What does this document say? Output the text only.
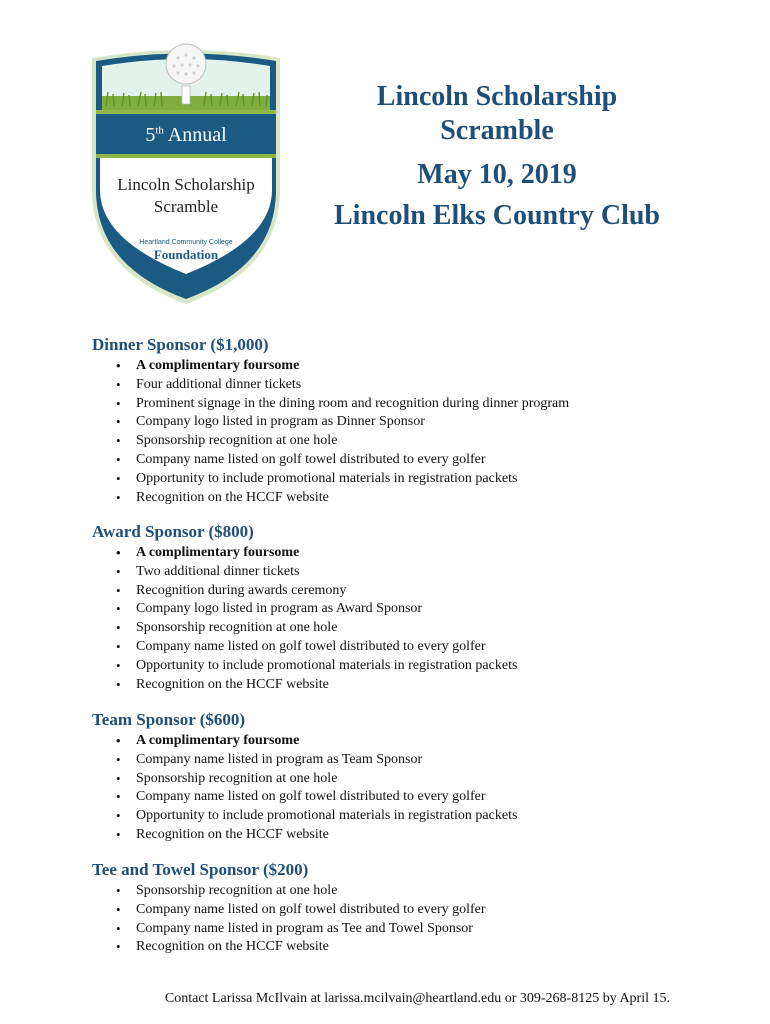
5th Annual
Lincoln Scholarship
Scramble
Heartland Community College
Foundation
Lincoln Scholarship
Scramble
May 10, 2019
Lincoln Elks Country Club
Dinner Sponsor ($1,000)
• A complimentary foursome
• Four additional dinner tickets
• Prominent signage in the dining room and recognition during dinner program
• Company logo listed in program as Dinner Sponsor
• Sponsorship recognition at one hole
• Company name listed on golf towel distributed to every golfer
• Opportunity to include promotional materials in registration packets
• Recognition on the HCCF website
Award Sponsor ($800)
• A complimentary foursome
• Two additional dinner tickets
• Recognition during awards ceremony
• Company logo listed in program as Award Sponsor
• Sponsorship recognition at one hole
• Company name listed on golf towel distributed to every golfer
• Opportunity to include promotional materials in registration packets
• Recognition on the HCCF website
Team Sponsor ($600)
• A complimentary foursome
• Company name listed in program as Team Sponsor
• Sponsorship recognition at one hole
• Company name listed on golf towel distributed to every golfer
• Opportunity to include promotional materials in registration packets
• Recognition on the HCCF website
Tee and Towel Sponsor ($200)
• Sponsorship recognition at one hole
• Company name listed on golf towel distributed to every golfer
• Company name listed in program as Tee and Towel Sponsor
• Recognition on the HCCF website
Contact Larissa McIlvain at larissa.mcilvain@heartland.edu or 309-268-8125 by April 15.
